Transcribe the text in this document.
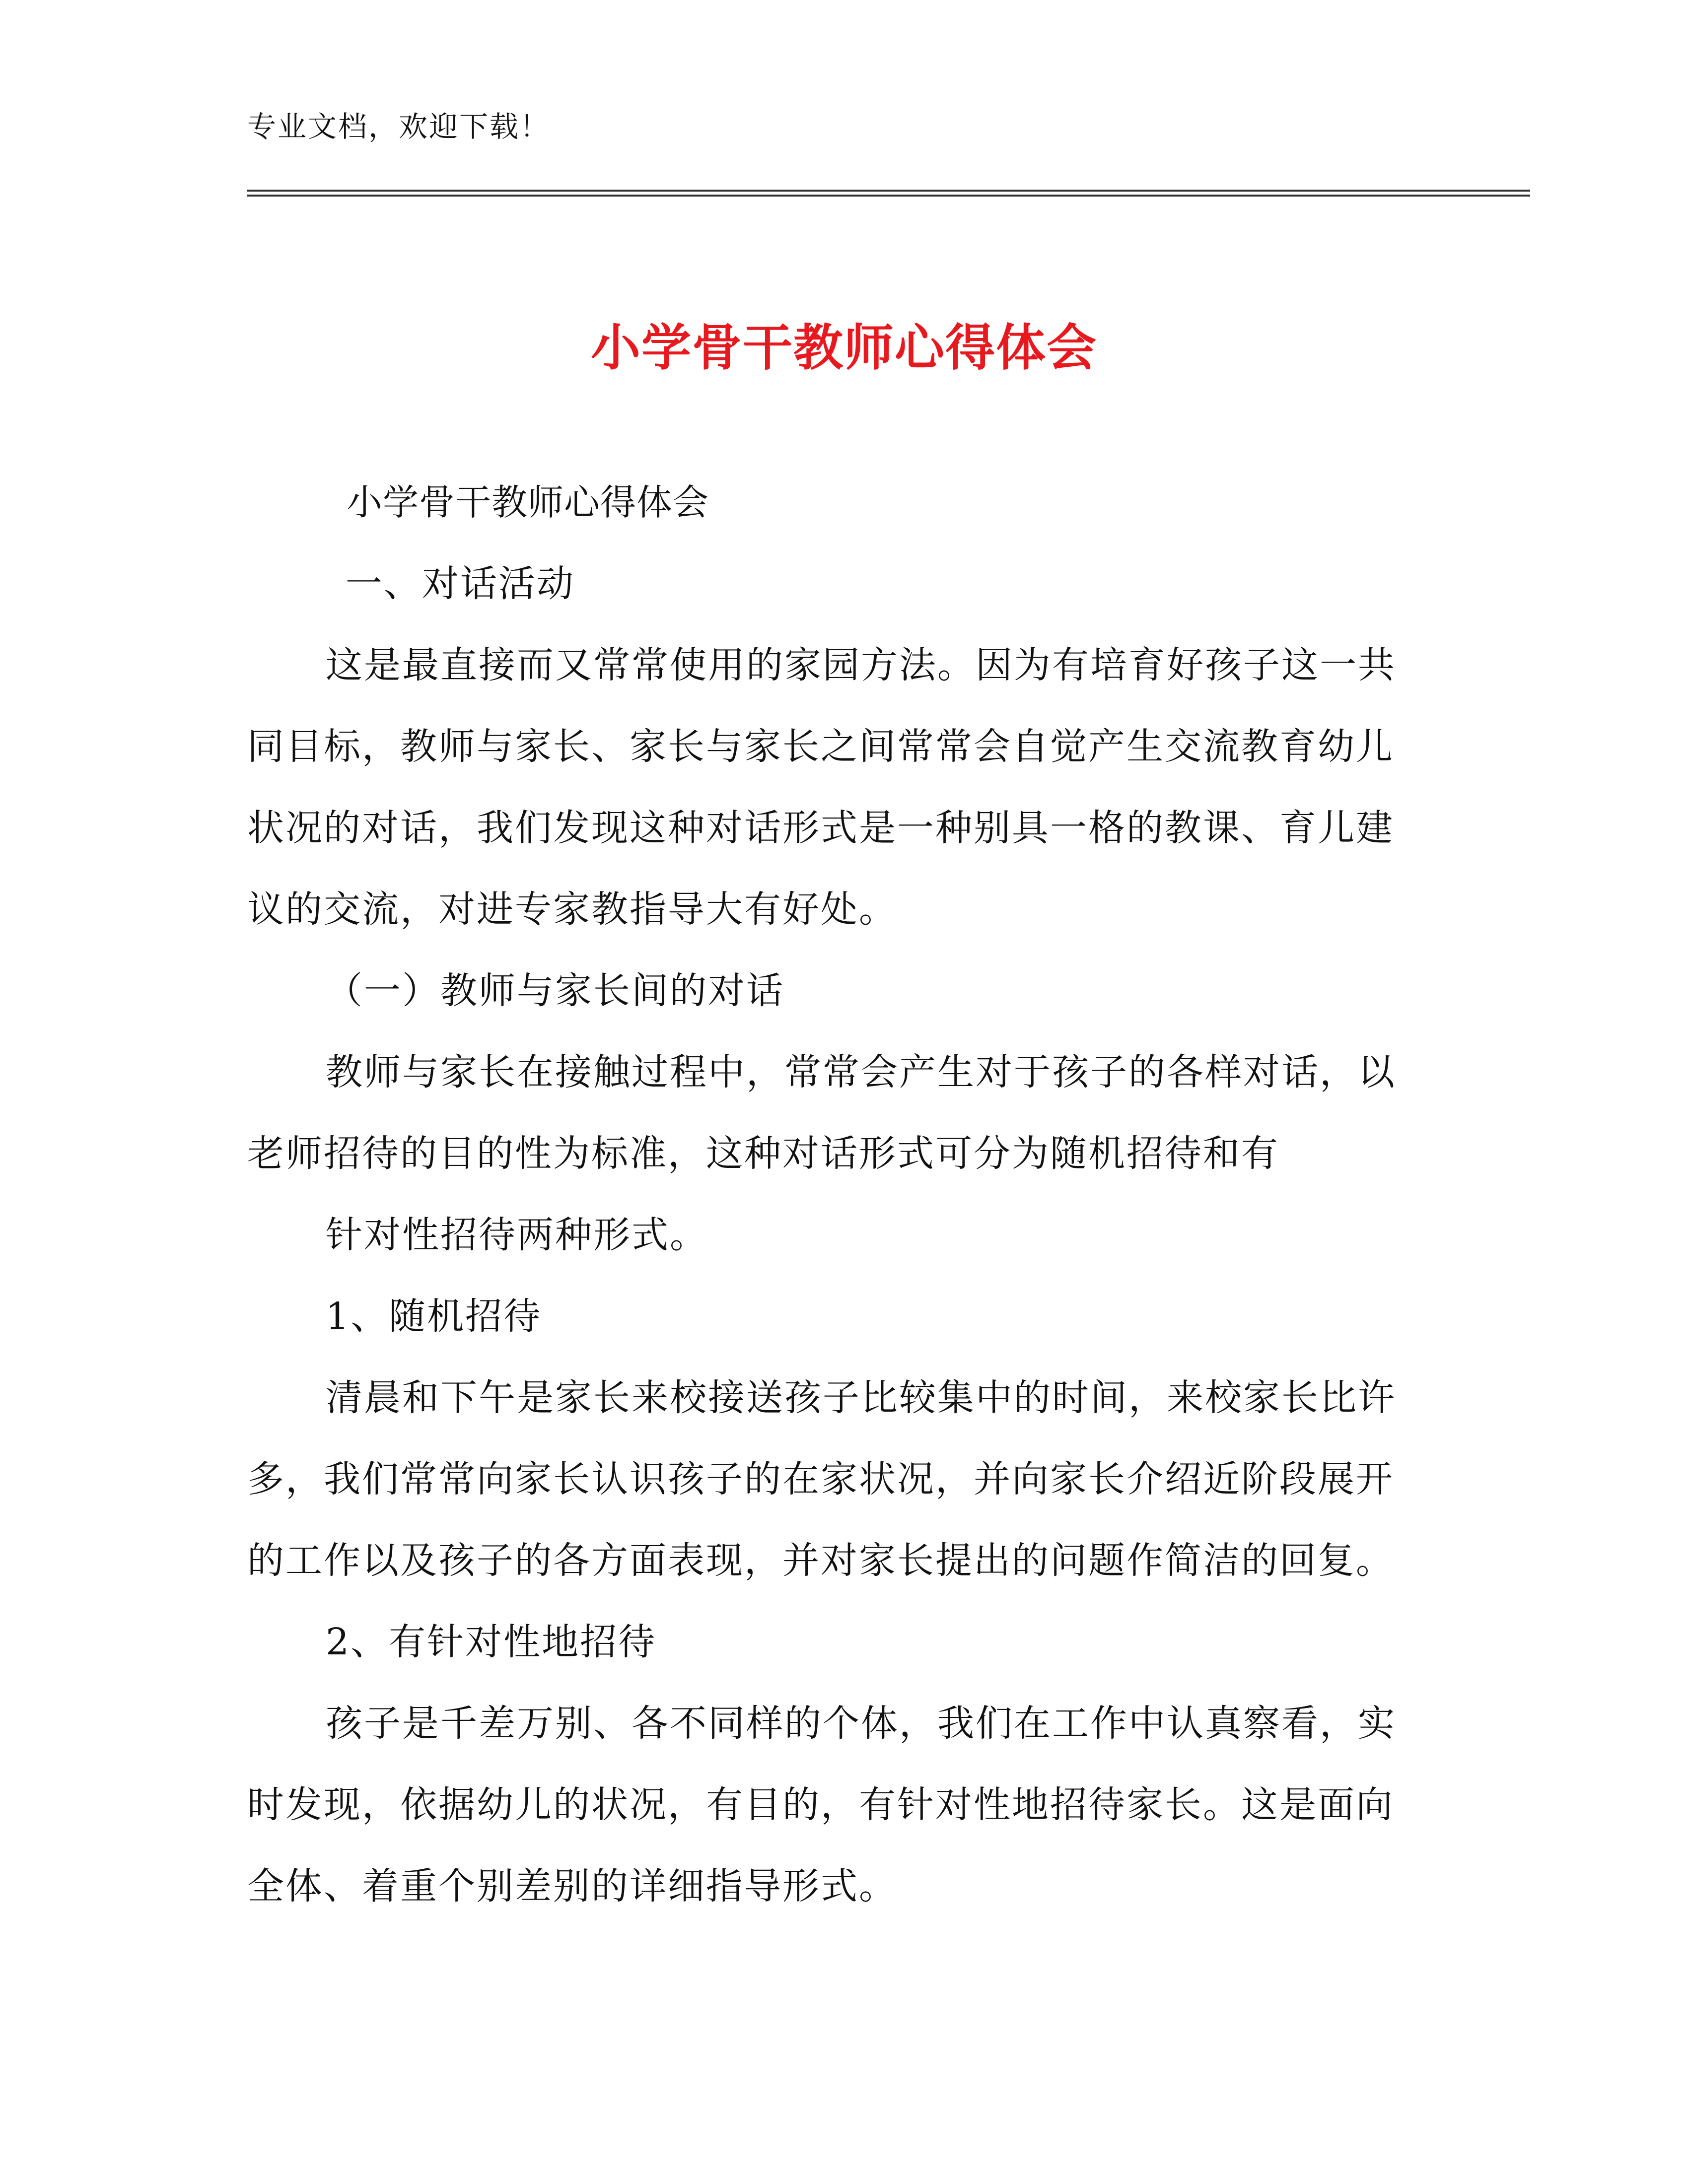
专业文档，欢迎下载！
小学骨干教师心得体会

小学骨干教师心得体会

一、对话活动

这是最直接而又常常使用的家园方法。因为有培育好孩子这一共同目标，教师与家长、家长与家长之间常常会自觉产生交流教育幼儿状况的对话，我们发现这种对话形式是一种别具一格的教课、育儿建议的交流，对进专家教指导大有好处。

（一）教师与家长间的对话

教师与家长在接触过程中，常常会产生对于孩子的各样对话，以老师招待的目的性为标准，这种对话形式可分为随机招待和有

针对性招待两种形式。

1、随机招待

清晨和下午是家长来校接送孩子比较集中的时间，来校家长比许多，我们常常向家长认识孩子的在家状况，并向家长介绍近阶段展开的工作以及孩子的各方面表现，并对家长提出的问题作简洁的回复。

2、有针对性地招待

孩子是千差万别、各不同样的个体，我们在工作中认真察看，实时发现，依据幼儿的状况，有目的，有针对性地招待家长。这是面向全体、着重个别差别的详细指导形式。
